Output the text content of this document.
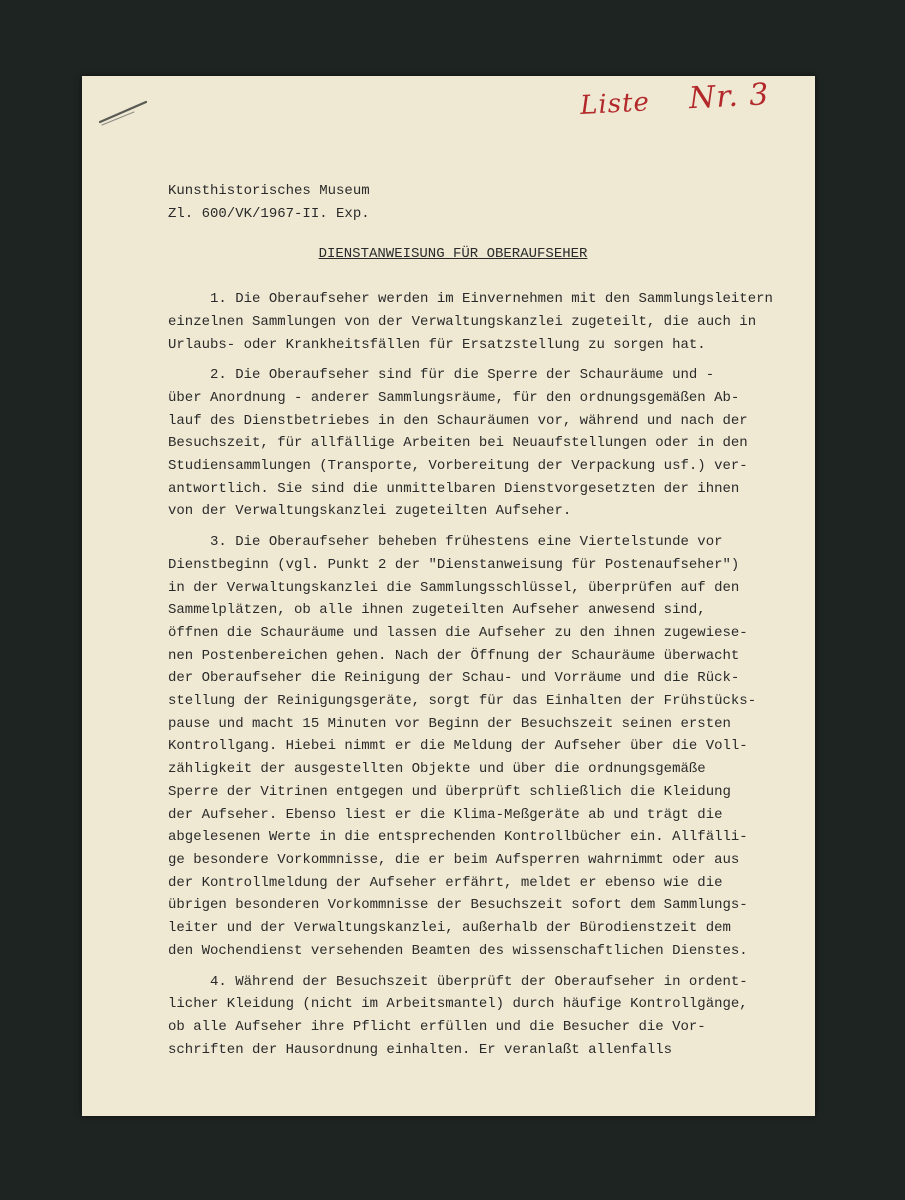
Liste Nr. 3
Kunsthistorisches Museum
Zl. 600/VK/1967-II. Exp.
DIENSTANWEISUNG FÜR OBERAUFSEHER
1. Die Oberaufseher werden im Einvernehmen mit den Sammlungsleitern
einzelnen Sammlungen von der Verwaltungskanzlei zugeteilt, die auch in
Urlaubs- oder Krankheitsfällen für Ersatzstellung zu sorgen hat.
2. Die Oberaufseher sind für die Sperre der Schauräume und -
über Anordnung - anderer Sammlungsräume, für den ordnungsgemäßen Ab-
lauf des Dienstbetriebes in den Schauräumen vor, während und nach der
Besuchszeit, für allfällige Arbeiten bei Neuaufstellungen oder in den
Studiensammlungen (Transporte, Vorbereitung der Verpackung usf.) ver-
antwortlich. Sie sind die unmittelbaren Dienstvorgesetzten der ihnen
von der Verwaltungskanzlei zugeteilten Aufseher.
3. Die Oberaufseher beheben frühestens eine Viertelstunde vor
Dienstbeginn (vgl. Punkt 2 der "Dienstanweisung für Postenaufseher")
in der Verwaltungskanzlei die Sammlungsschlüssel, überprüfen auf den
Sammelplätzen, ob alle ihnen zugeteilten Aufseher anwesend sind,
öffnen die Schauräume und lassen die Aufseher zu den ihnen zugewiese-
nen Postenbereichen gehen. Nach der Öffnung der Schauräume überwacht
der Oberaufseher die Reinigung der Schau- und Vorräume und die Rück-
stellung der Reinigungsgeräte, sorgt für das Einhalten der Frühstücks-
pause und macht 15 Minuten vor Beginn der Besuchszeit seinen ersten
Kontrollgang. Hiebei nimmt er die Meldung der Aufseher über die Voll-
zähligkeit der ausgestellten Objekte und über die ordnungsgemäße
Sperre der Vitrinen entgegen und überprüft schließlich die Kleidung
der Aufseher. Ebenso liest er die Klima-Meßgeräte ab und trägt die
abgelesenen Werte in die entsprechenden Kontrollbücher ein. Allfälli-
ge besondere Vorkommnisse, die er beim Aufsperren wahrnimmt oder aus
der Kontrollmeldung der Aufseher erfährt, meldet er ebenso wie die
übrigen besonderen Vorkommnisse der Besuchszeit sofort dem Sammlungs-
leiter und der Verwaltungskanzlei, außerhalb der Bürodienstzeit dem
den Wochendienst versehenden Beamten des wissenschaftlichen Dienstes.
4. Während der Besuchszeit überprüft der Oberaufseher in ordent-
licher Kleidung (nicht im Arbeitsmantel) durch häufige Kontrollgänge,
ob alle Aufseher ihre Pflicht erfüllen und die Besucher die Vor-
schriften der Hausordnung einhalten. Er veranlaßt allenfalls
